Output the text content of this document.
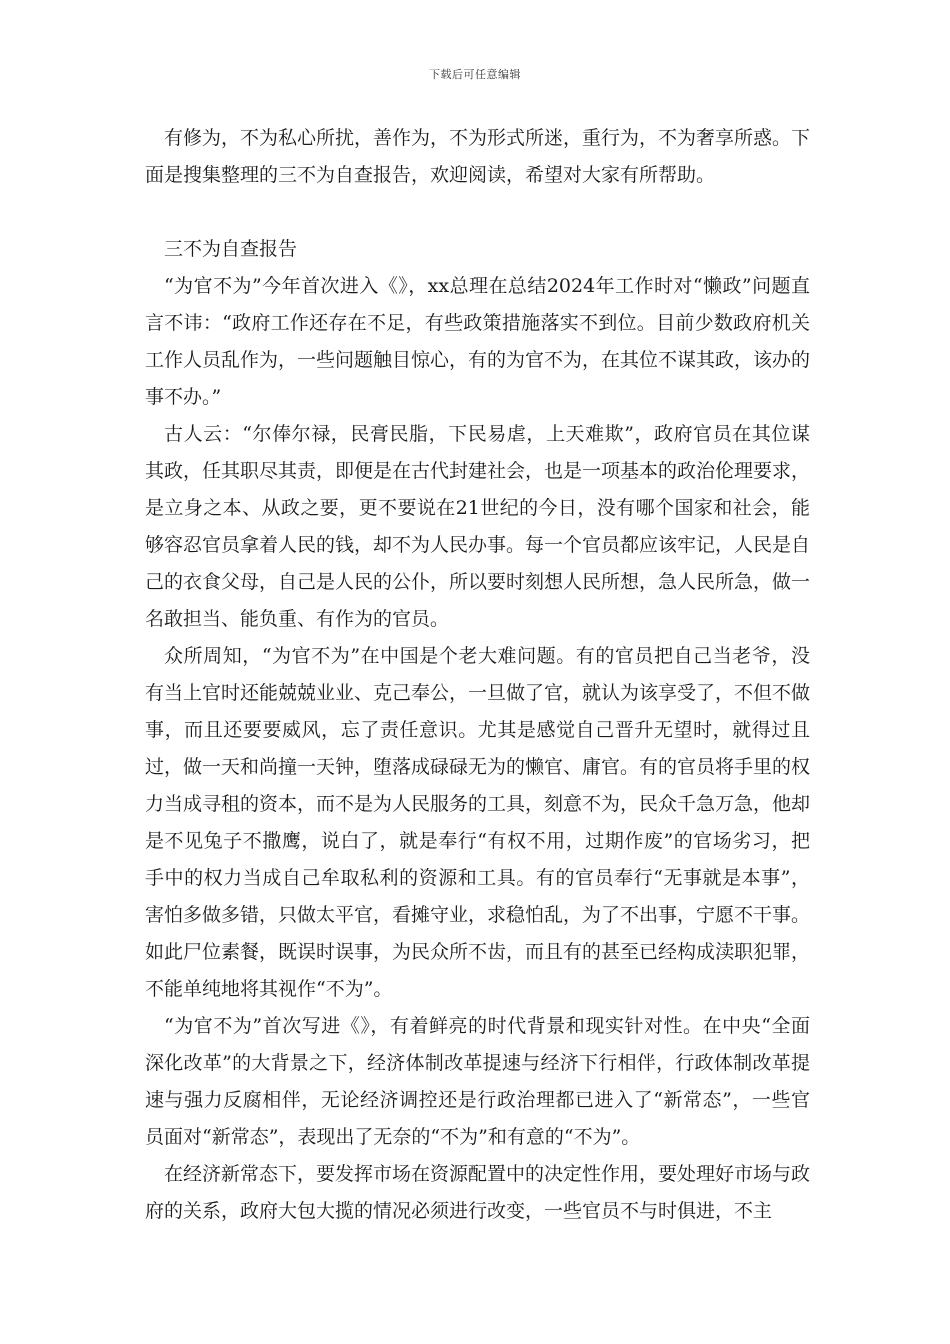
下载后可任意编辑

有修为，不为私心所扰，善作为，不为形式所迷，重行为，不为奢享所惑。下面是搜集整理的三不为自查报告，欢迎阅读，希望对大家有所帮助。

三不为自查报告

“为官不为”今年首次进入《》，xx总理在总结2024年工作时对“懒政”问题直言不讳：“政府工作还存在不足，有些政策措施落实不到位。目前少数政府机关工作人员乱作为，一些问题触目惊心，有的为官不为，在其位不谋其政，该办的事不办。”

古人云：“尔俸尔禄，民膏民脂，下民易虐，上天难欺”，政府官员在其位谋其政，任其职尽其责，即便是在古代封建社会，也是一项基本的政治伦理要求，是立身之本、从政之要，更不要说在21世纪的今日，没有哪个国家和社会，能够容忍官员拿着人民的钱，却不为人民办事。每一个官员都应该牢记，人民是自己的衣食父母，自己是人民的公仆，所以要时刻想人民所想，急人民所急，做一名敢担当、能负重、有作为的官员。

众所周知，“为官不为”在中国是个老大难问题。有的官员把自己当老爷，没有当上官时还能兢兢业业、克己奉公，一旦做了官，就认为该享受了，不但不做事，而且还要要威风，忘了责任意识。尤其是感觉自己晋升无望时，就得过且过，做一天和尚撞一天钟，堕落成碌碌无为的懒官、庸官。有的官员将手里的权力当成寻租的资本，而不是为人民服务的工具，刻意不为，民众千急万急，他却是不见兔子不撒鹰，说白了，就是奉行“有权不用，过期作废”的官场劣习，把手中的权力当成自己牟取私利的资源和工具。有的官员奉行“无事就是本事”，害怕多做多错，只做太平官，看摊守业，求稳怕乱，为了不出事，宁愿不干事。如此尸位素餐，既误时误事，为民众所不齿，而且有的甚至已经构成渎职犯罪，不能单纯地将其视作“不为”。

“为官不为”首次写进《》，有着鲜亮的时代背景和现实针对性。在中央“全面深化改革”的大背景之下，经济体制改革提速与经济下行相伴，行政体制改革提速与强力反腐相伴，无论经济调控还是行政治理都已进入了“新常态”，一些官员面对“新常态”，表现出了无奈的“不为”和有意的“不为”。

在经济新常态下，要发挥市场在资源配置中的决定性作用，要处理好市场与政府的关系，政府大包大揽的情况必须进行改变，一些官员不与时俱进，不主
